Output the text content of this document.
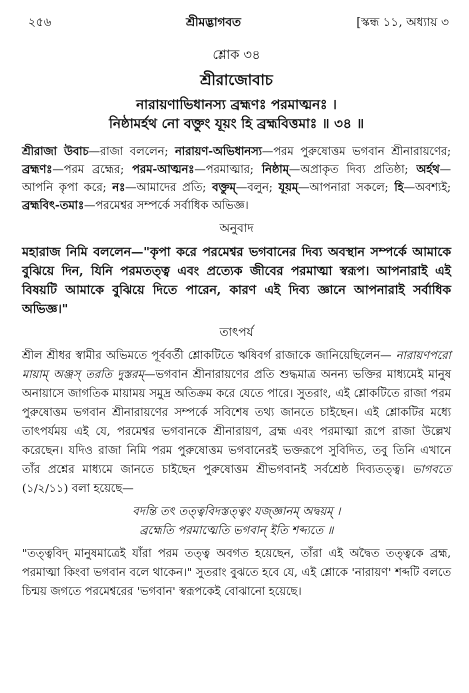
২৫৬	শ্রীমদ্ভাগবত	[স্কন্ধ ১১, অধ্যায় ৩
শ্লোক ৩৪
শ্রীরাজোবাচ
নারায়ণাভিধানস্য ব্রহ্মণঃ পরমাত্মনঃ ।
নিষ্ঠামর্হথ নো বক্তুং যূয়ং হি ব্রহ্মবিত্তমাঃ ॥ ৩৪ ॥
শ্রীরাজা উবাচ—রাজা বললেন; নারায়ণ-অভিধানস্য—পরম পুরুষোত্তম ভগবান শ্রীনারায়ণের; ব্রহ্মণঃ—পরম ব্রহ্মের; পরম-আত্মনঃ—পরমাত্মার; নিষ্ঠাম্—অপ্রাকৃত দিব্য প্রতিষ্ঠা; অর্হথ—আপনি কৃপা করে; নঃ—আমাদের প্রতি; বক্তুম্—বলুন; যূয়ম্—আপনারা সকলে; হি—অবশ্যই; ব্রহ্মবিৎ-তমাঃ—পরমেশ্বর সম্পর্কে সর্বাধিক অভিজ্ঞ।
অনুবাদ
মহারাজ নিমি বললেন—"কৃপা করে পরমেশ্বর ভগবানের দিব্য অবস্থান সম্পর্কে আমাকে বুঝিয়ে দিন, যিনি পরমতত্ত্ব এবং প্রত্যেক জীবের পরমাত্মা স্বরূপ। আপনারাই এই বিষয়টি আমাকে বুঝিয়ে দিতে পারেন, কারণ এই দিব্য জ্ঞানে আপনারাই সর্বাধিক অভিজ্ঞ।"
তাৎপর্য
শ্রীল শ্রীধর স্বামীর অভিমতে পূর্ববর্তী শ্লোকটিতে ঋষিবর্গ রাজাকে জানিয়েছিলেন— নারায়ণপরো মায়াম্ অঞ্জস্ তরতি দুস্তরম্—ভগবান শ্রীনারায়ণের প্রতি শুদ্ধমাত্র অনন্য ভক্তির মাধ্যমেই মানুষ অনায়াসে জাগতিক মায়াময় সমুদ্র অতিক্রম করে যেতে পারে। সুতরাং, এই শ্লোকটিতে রাজা পরম পুরুষোত্তম ভগবান শ্রীনারায়ণের সম্পর্কে সবিশেষ তথ্য জানতে চাইছেন। এই শ্লোকটির মধ্যে তাৎপর্যময় এই যে, পরমেশ্বর ভগবানকে শ্রীনারায়ণ, ব্রহ্ম এবং পরমাত্মা রূপে রাজা উল্লেখ করেছেন। যদিও রাজা নিমি পরম পুরুষোত্তম ভগবানেরই ভক্তরূপে সুবিদিত, তবু তিনি এখানে তাঁর প্রশ্নের মাধ্যমে জানতে চাইছেন পুরুষোত্তম শ্রীভগবানই সর্বশ্রেষ্ঠ দিব্যতত্ত্ব। ভাগবতে (১/২/১১) বলা হয়েছে—
বদন্তি তৎ তত্ত্ববিদস্তত্ত্বং যজ্জ্ঞানম্ অদ্বয়ম্ ।
ব্রহ্মেতি পরমাত্মেতি ভগবান্ ইতি শব্দ্যতে ॥
"তত্ত্ববিদ্ মানুষমাত্রেই যাঁরা পরম তত্ত্ব অবগত হয়েছেন, তাঁরা এই অদ্বৈত তত্ত্বকে ব্রহ্ম, পরমাত্মা কিংবা ভগবান বলে থাকেন।" সুতরাং বুঝতে হবে যে, এই শ্লোকে 'নারায়ণ' শব্দটি বলতে চিন্ময় জগতে পরমেশ্বরের 'ভগবান' স্বরূপকেই বোঝানো হয়েছে।
